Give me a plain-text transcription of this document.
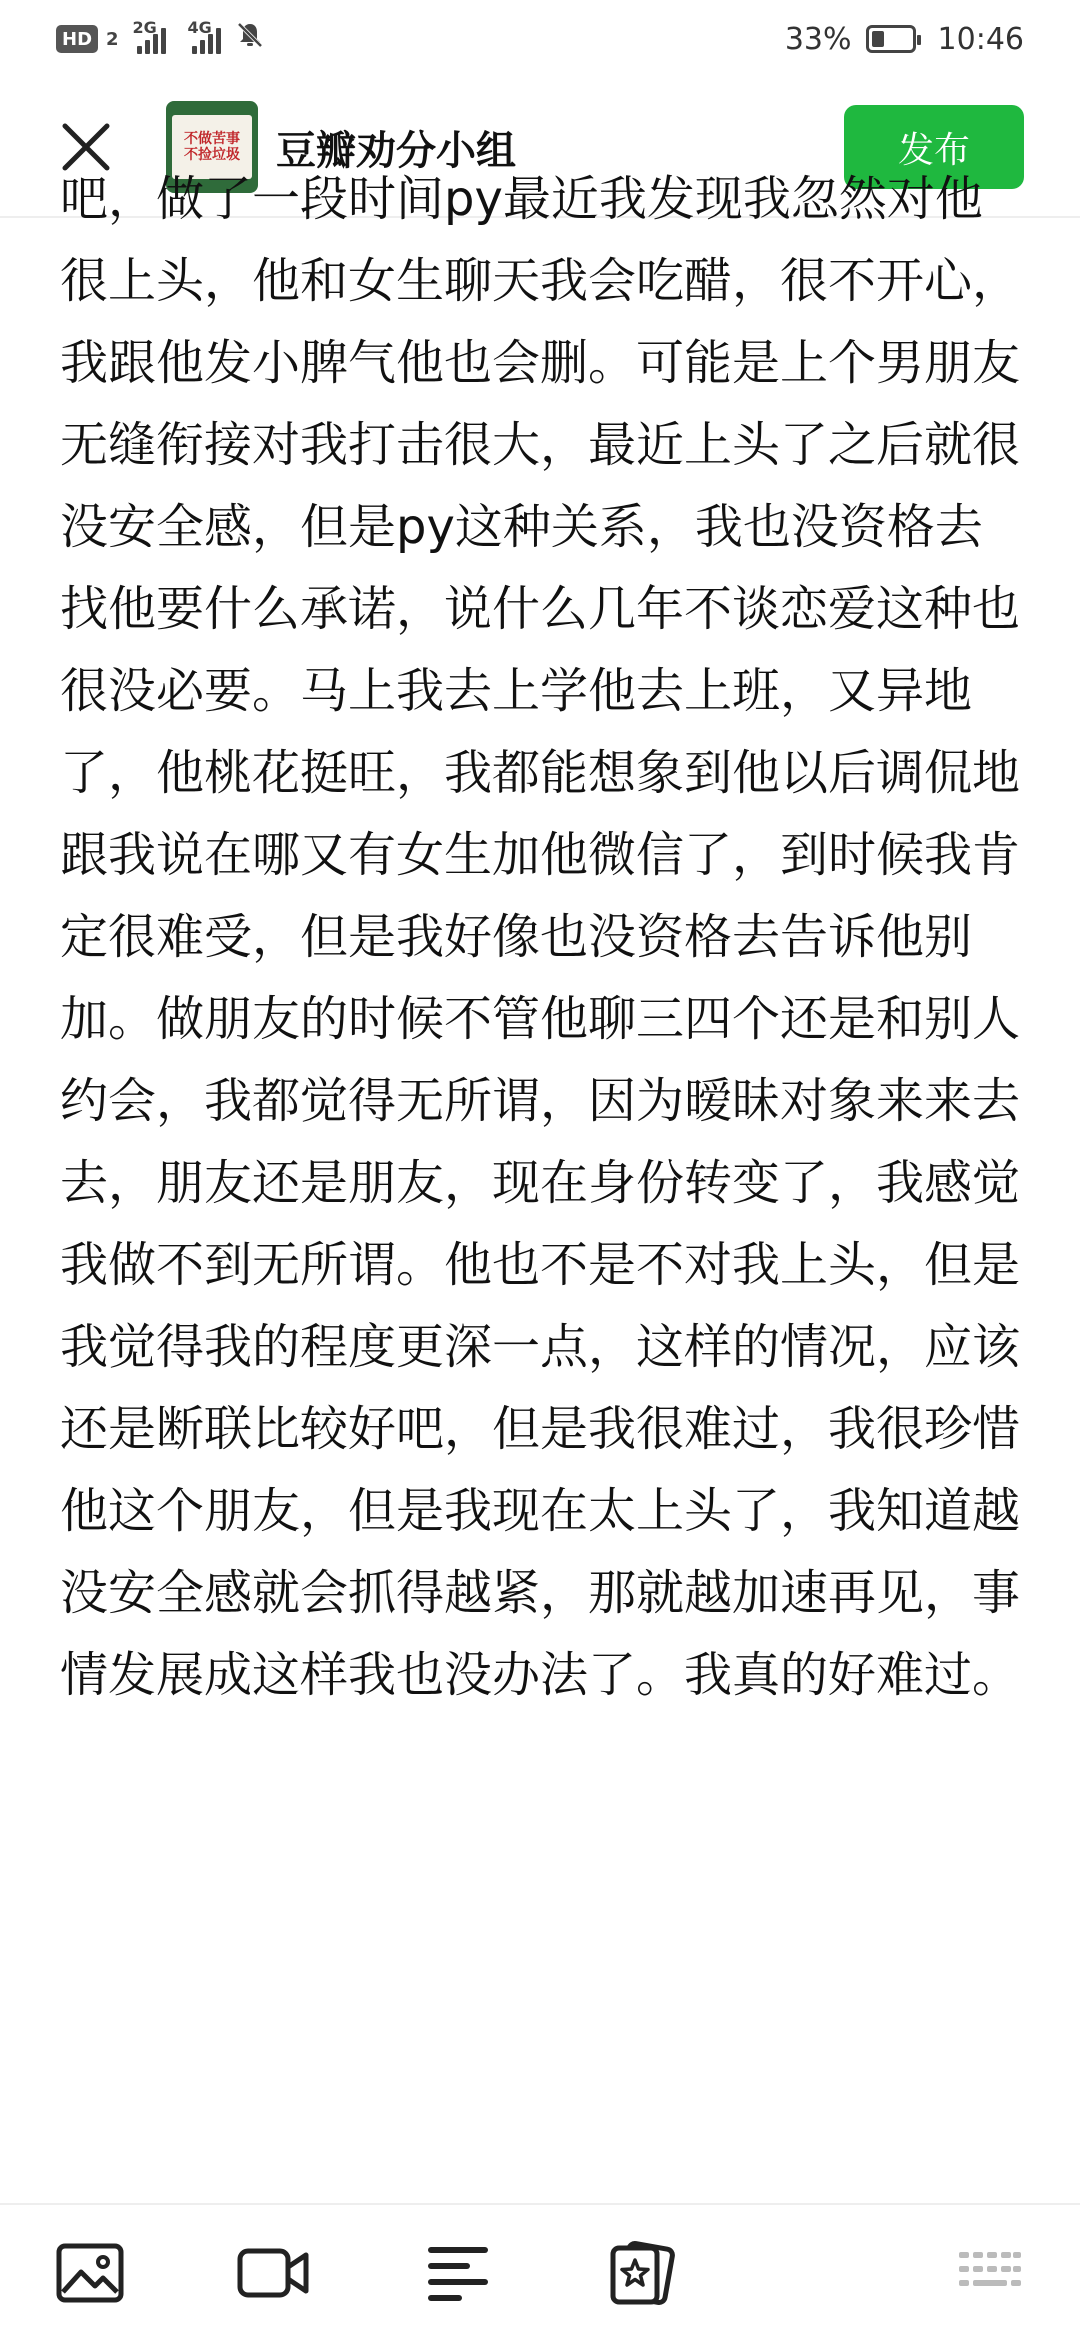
HD 2
2G 4G	33%	10:46
不做苦事
不捡垃圾 豆瓣劝分小组	发布
吧，做了一段时间py最近我发现我忽然对他很上头，他和女生聊天我会吃醋，很不开心，我跟他发小脾气他也会删。可能是上个男朋友无缝衔接对我打击很大，最近上头了之后就很没安全感，但是py这种关系，我也没资格去找他要什么承诺，说什么几年不谈恋爱这种也很没必要。马上我去上学他去上班，又异地了，他桃花挺旺，我都能想象到他以后调侃地跟我说在哪又有女生加他微信了，到时候我肯定很难受，但是我好像也没资格去告诉他别加。做朋友的时候不管他聊三四个还是和别人约会，我都觉得无所谓，因为暧昧对象来来去去，朋友还是朋友，现在身份转变了，我感觉我做不到无所谓。他也不是不对我上头，但是我觉得我的程度更深一点，这样的情况，应该还是断联比较好吧，但是我很难过，我很珍惜他这个朋友，但是我现在太上头了，我知道越没安全感就会抓得越紧，那就越加速再见，事情发展成这样我也没办法了。我真的好难过。
